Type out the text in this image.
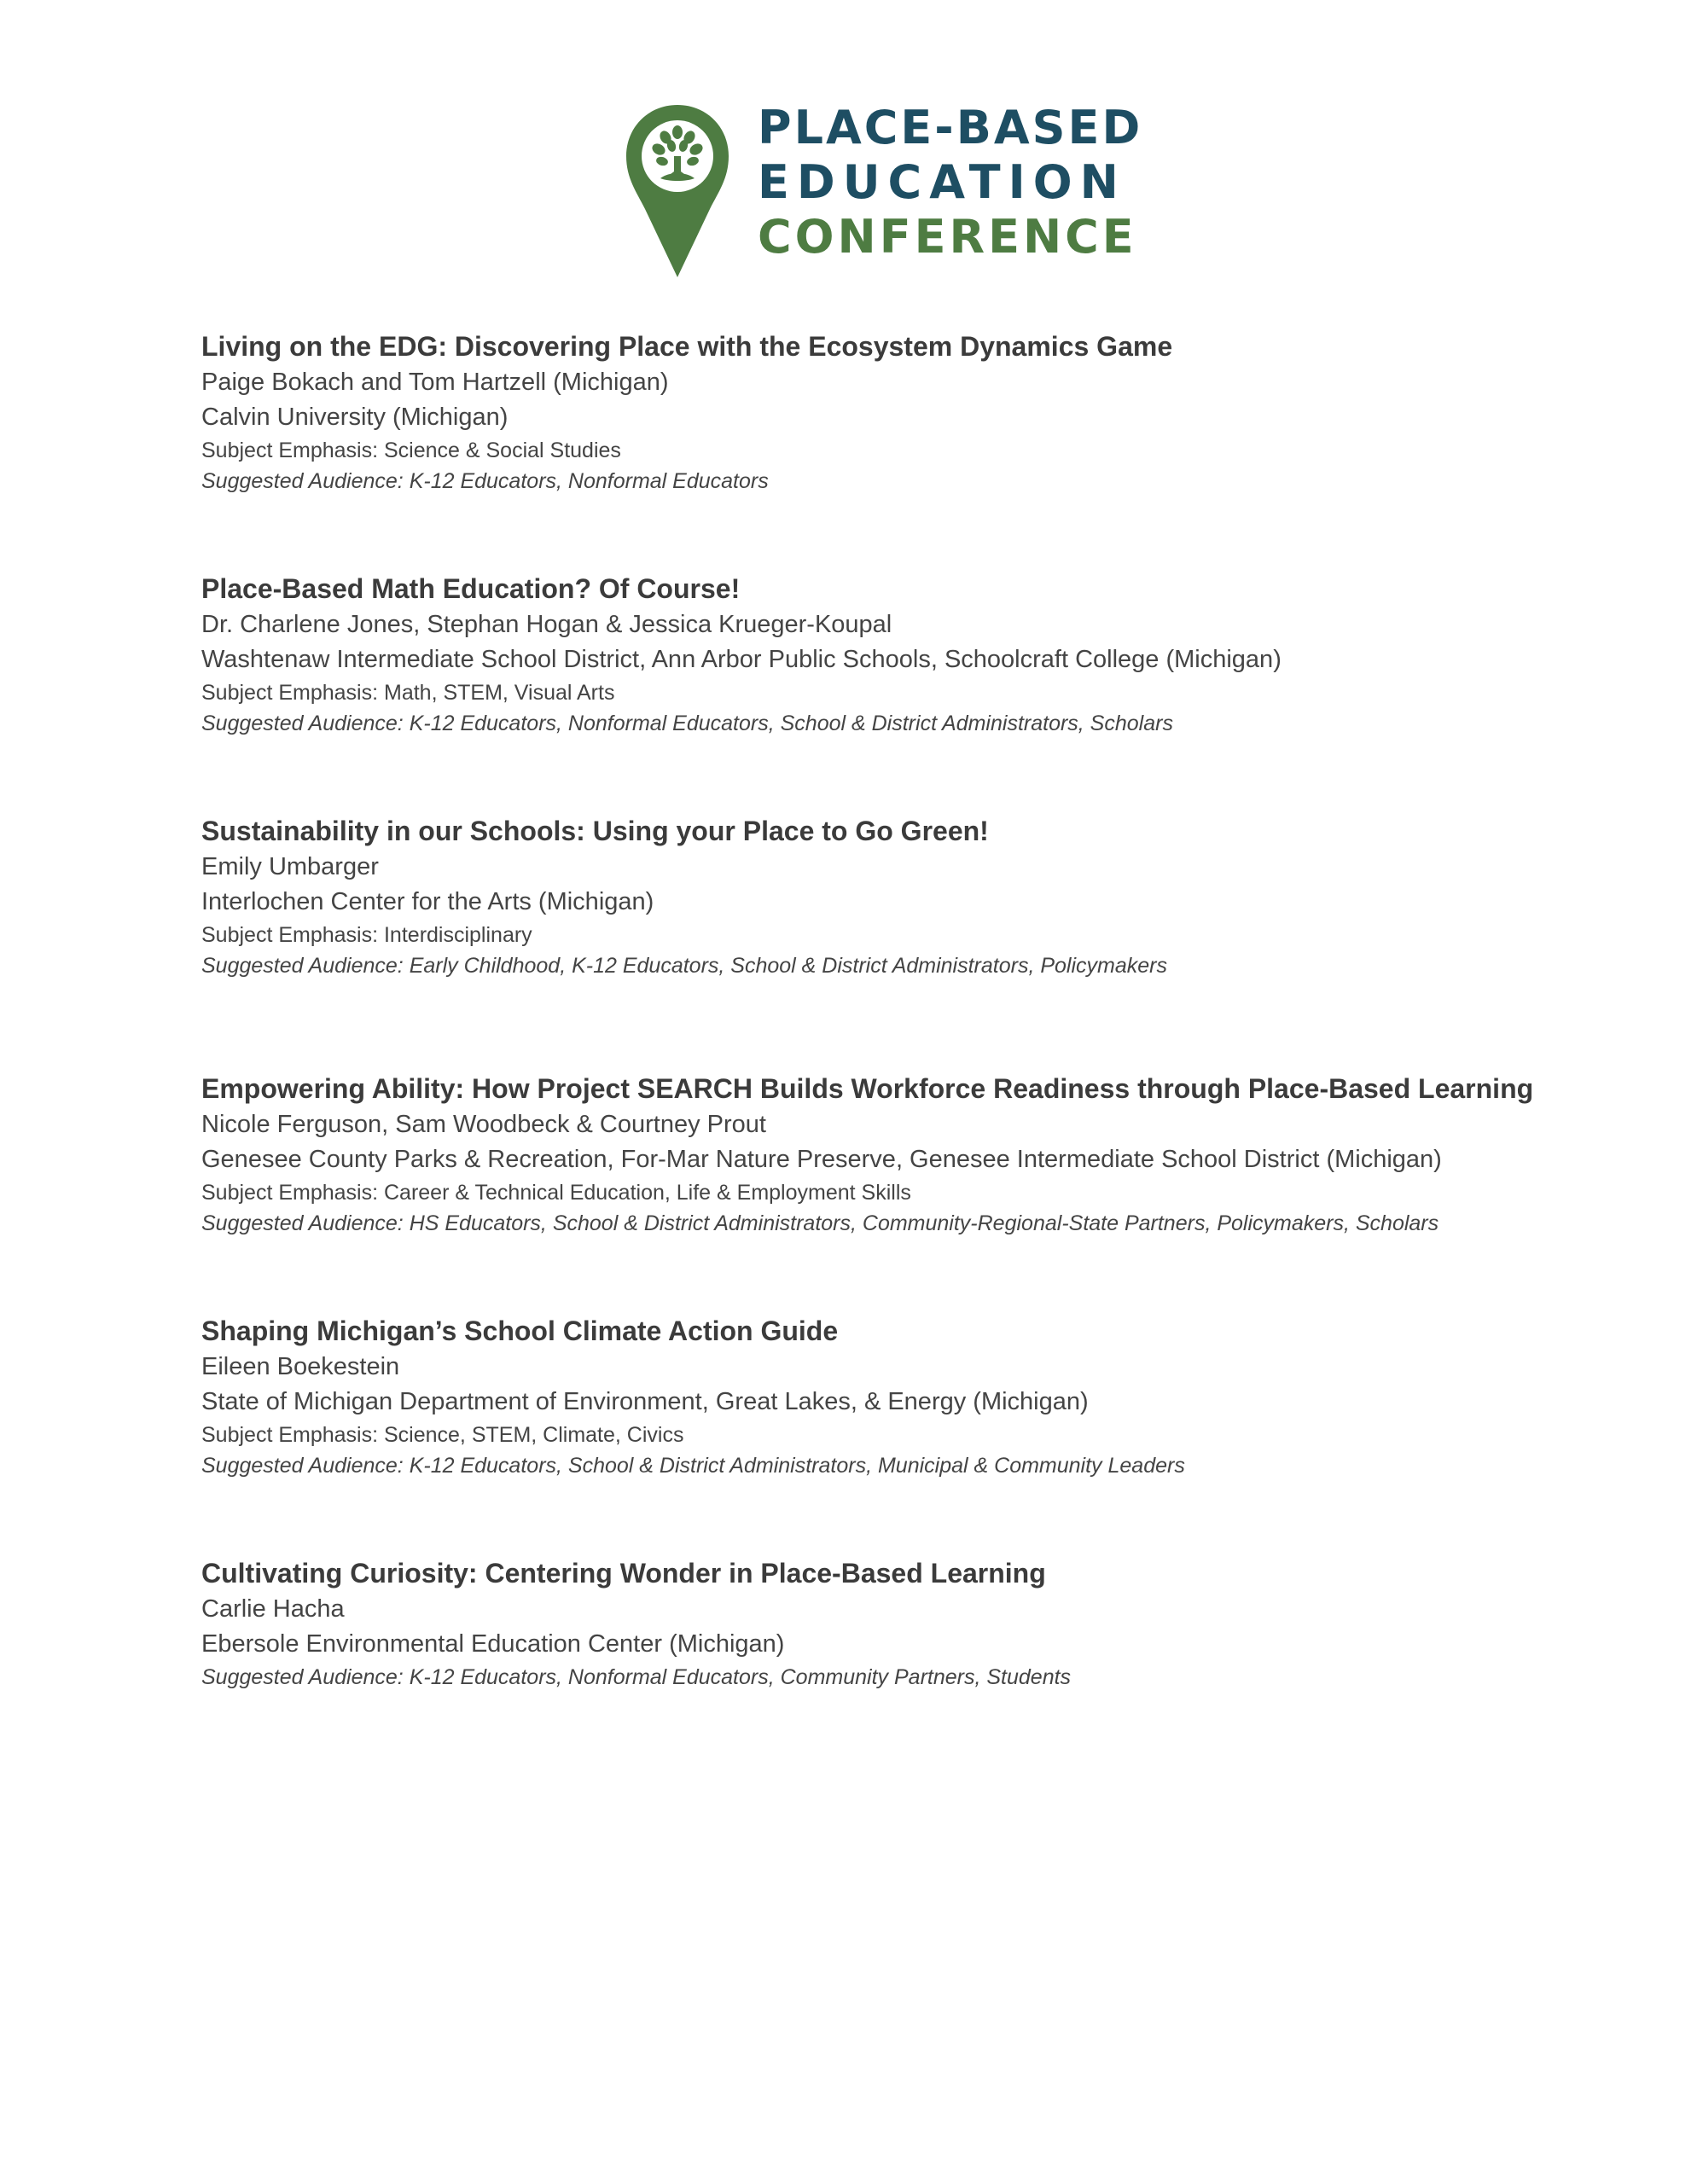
PLACE-BASED
EDUCATION
CONFERENCE
Living on the EDG: Discovering Place with the Ecosystem Dynamics Game
Paige Bokach and Tom Hartzell (Michigan)
Calvin University (Michigan)
Subject Emphasis: Science & Social Studies
Suggested Audience: K-12 Educators, Nonformal Educators
Place-Based Math Education? Of Course!
Dr. Charlene Jones, Stephan Hogan & Jessica Krueger-Koupal
Washtenaw Intermediate School District, Ann Arbor Public Schools, Schoolcraft College (Michigan)
Subject Emphasis: Math, STEM, Visual Arts
Suggested Audience: K-12 Educators, Nonformal Educators, School & District Administrators, Scholars
Sustainability in our Schools: Using your Place to Go Green!
Emily Umbarger
Interlochen Center for the Arts (Michigan)
Subject Emphasis: Interdisciplinary
Suggested Audience: Early Childhood, K-12 Educators, School & District Administrators, Policymakers
Empowering Ability: How Project SEARCH Builds Workforce Readiness through Place-Based Learning
Nicole Ferguson, Sam Woodbeck & Courtney Prout
Genesee County Parks & Recreation, For-Mar Nature Preserve, Genesee Intermediate School District (Michigan)
Subject Emphasis: Career & Technical Education, Life & Employment Skills
Suggested Audience: HS Educators, School & District Administrators, Community-Regional-State Partners, Policymakers, Scholars
Shaping Michigan’s School Climate Action Guide
Eileen Boekestein
State of Michigan Department of Environment, Great Lakes, & Energy (Michigan)
Subject Emphasis: Science, STEM, Climate, Civics
Suggested Audience: K-12 Educators, School & District Administrators, Municipal & Community Leaders
Cultivating Curiosity: Centering Wonder in Place-Based Learning
Carlie Hacha
Ebersole Environmental Education Center (Michigan)
Suggested Audience: K-12 Educators, Nonformal Educators, Community Partners, Students
